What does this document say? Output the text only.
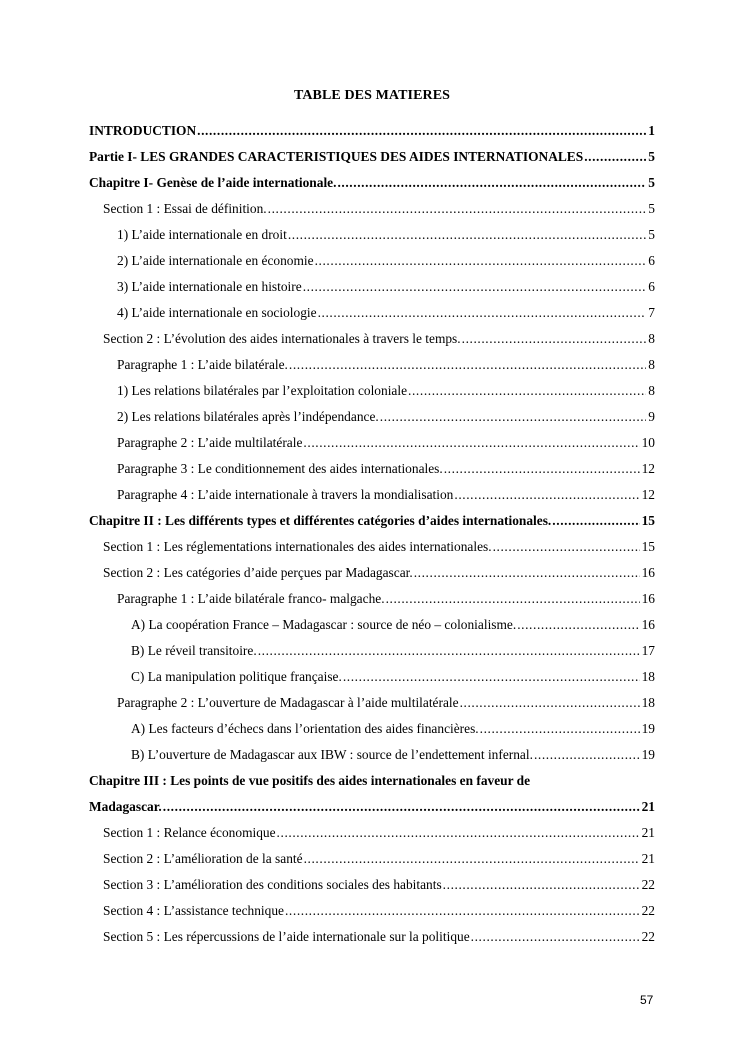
TABLE DES MATIERES
INTRODUCTION .....	1
Partie I- LES GRANDES CARACTERISTIQUES DES AIDES INTERNATIONALES .....	5
Chapitre I- Genèse de l’aide internationale. .....	5
Section 1 : Essai de définition. .....	5
1) L’aide internationale en droit .....	5
2) L’aide internationale en économie .....	6
3) L’aide internationale en histoire .....	6
4) L’aide internationale en sociologie .....	7
Section 2 : L’évolution des aides internationales à travers le temps. .....	8
Paragraphe 1 : L’aide bilatérale. .....	8
1) Les relations bilatérales par l’exploitation coloniale .....	8
2) Les relations bilatérales après l’indépendance. .....	9
Paragraphe 2 : L’aide multilatérale .....	10
Paragraphe 3 : Le conditionnement des aides internationales. .....	12
Paragraphe 4 : L’aide internationale à travers la mondialisation .....	12
Chapitre II : Les différents types et différentes catégories d’aides internationales. .....	15
Section 1 : Les réglementations internationales des aides internationales. .....	15
Section 2 : Les catégories d’aide perçues par Madagascar. .....	16
Paragraphe 1 : L’aide bilatérale franco- malgache. .....	16
A) La coopération France – Madagascar : source de néo – colonialisme. .....	16
B) Le réveil transitoire. .....	17
C) La manipulation politique française. .....	18
Paragraphe 2 : L’ouverture de Madagascar à l’aide multilatérale .....	18
A) Les facteurs d’échecs dans l’orientation des aides financières. .....	19
B) L’ouverture de Madagascar aux IBW : source de l’endettement infernal. .....	19
Chapitre III : Les points de vue positifs des aides internationales en faveur de
Madagascar. .....	21
Section 1 : Relance économique .....	21
Section 2 : L’amélioration de la santé .....	21
Section 3 : L’amélioration des conditions sociales des habitants .....	22
Section 4 : L’assistance technique .....	22
Section 5 : Les répercussions de l’aide internationale sur la politique .....	22
57
